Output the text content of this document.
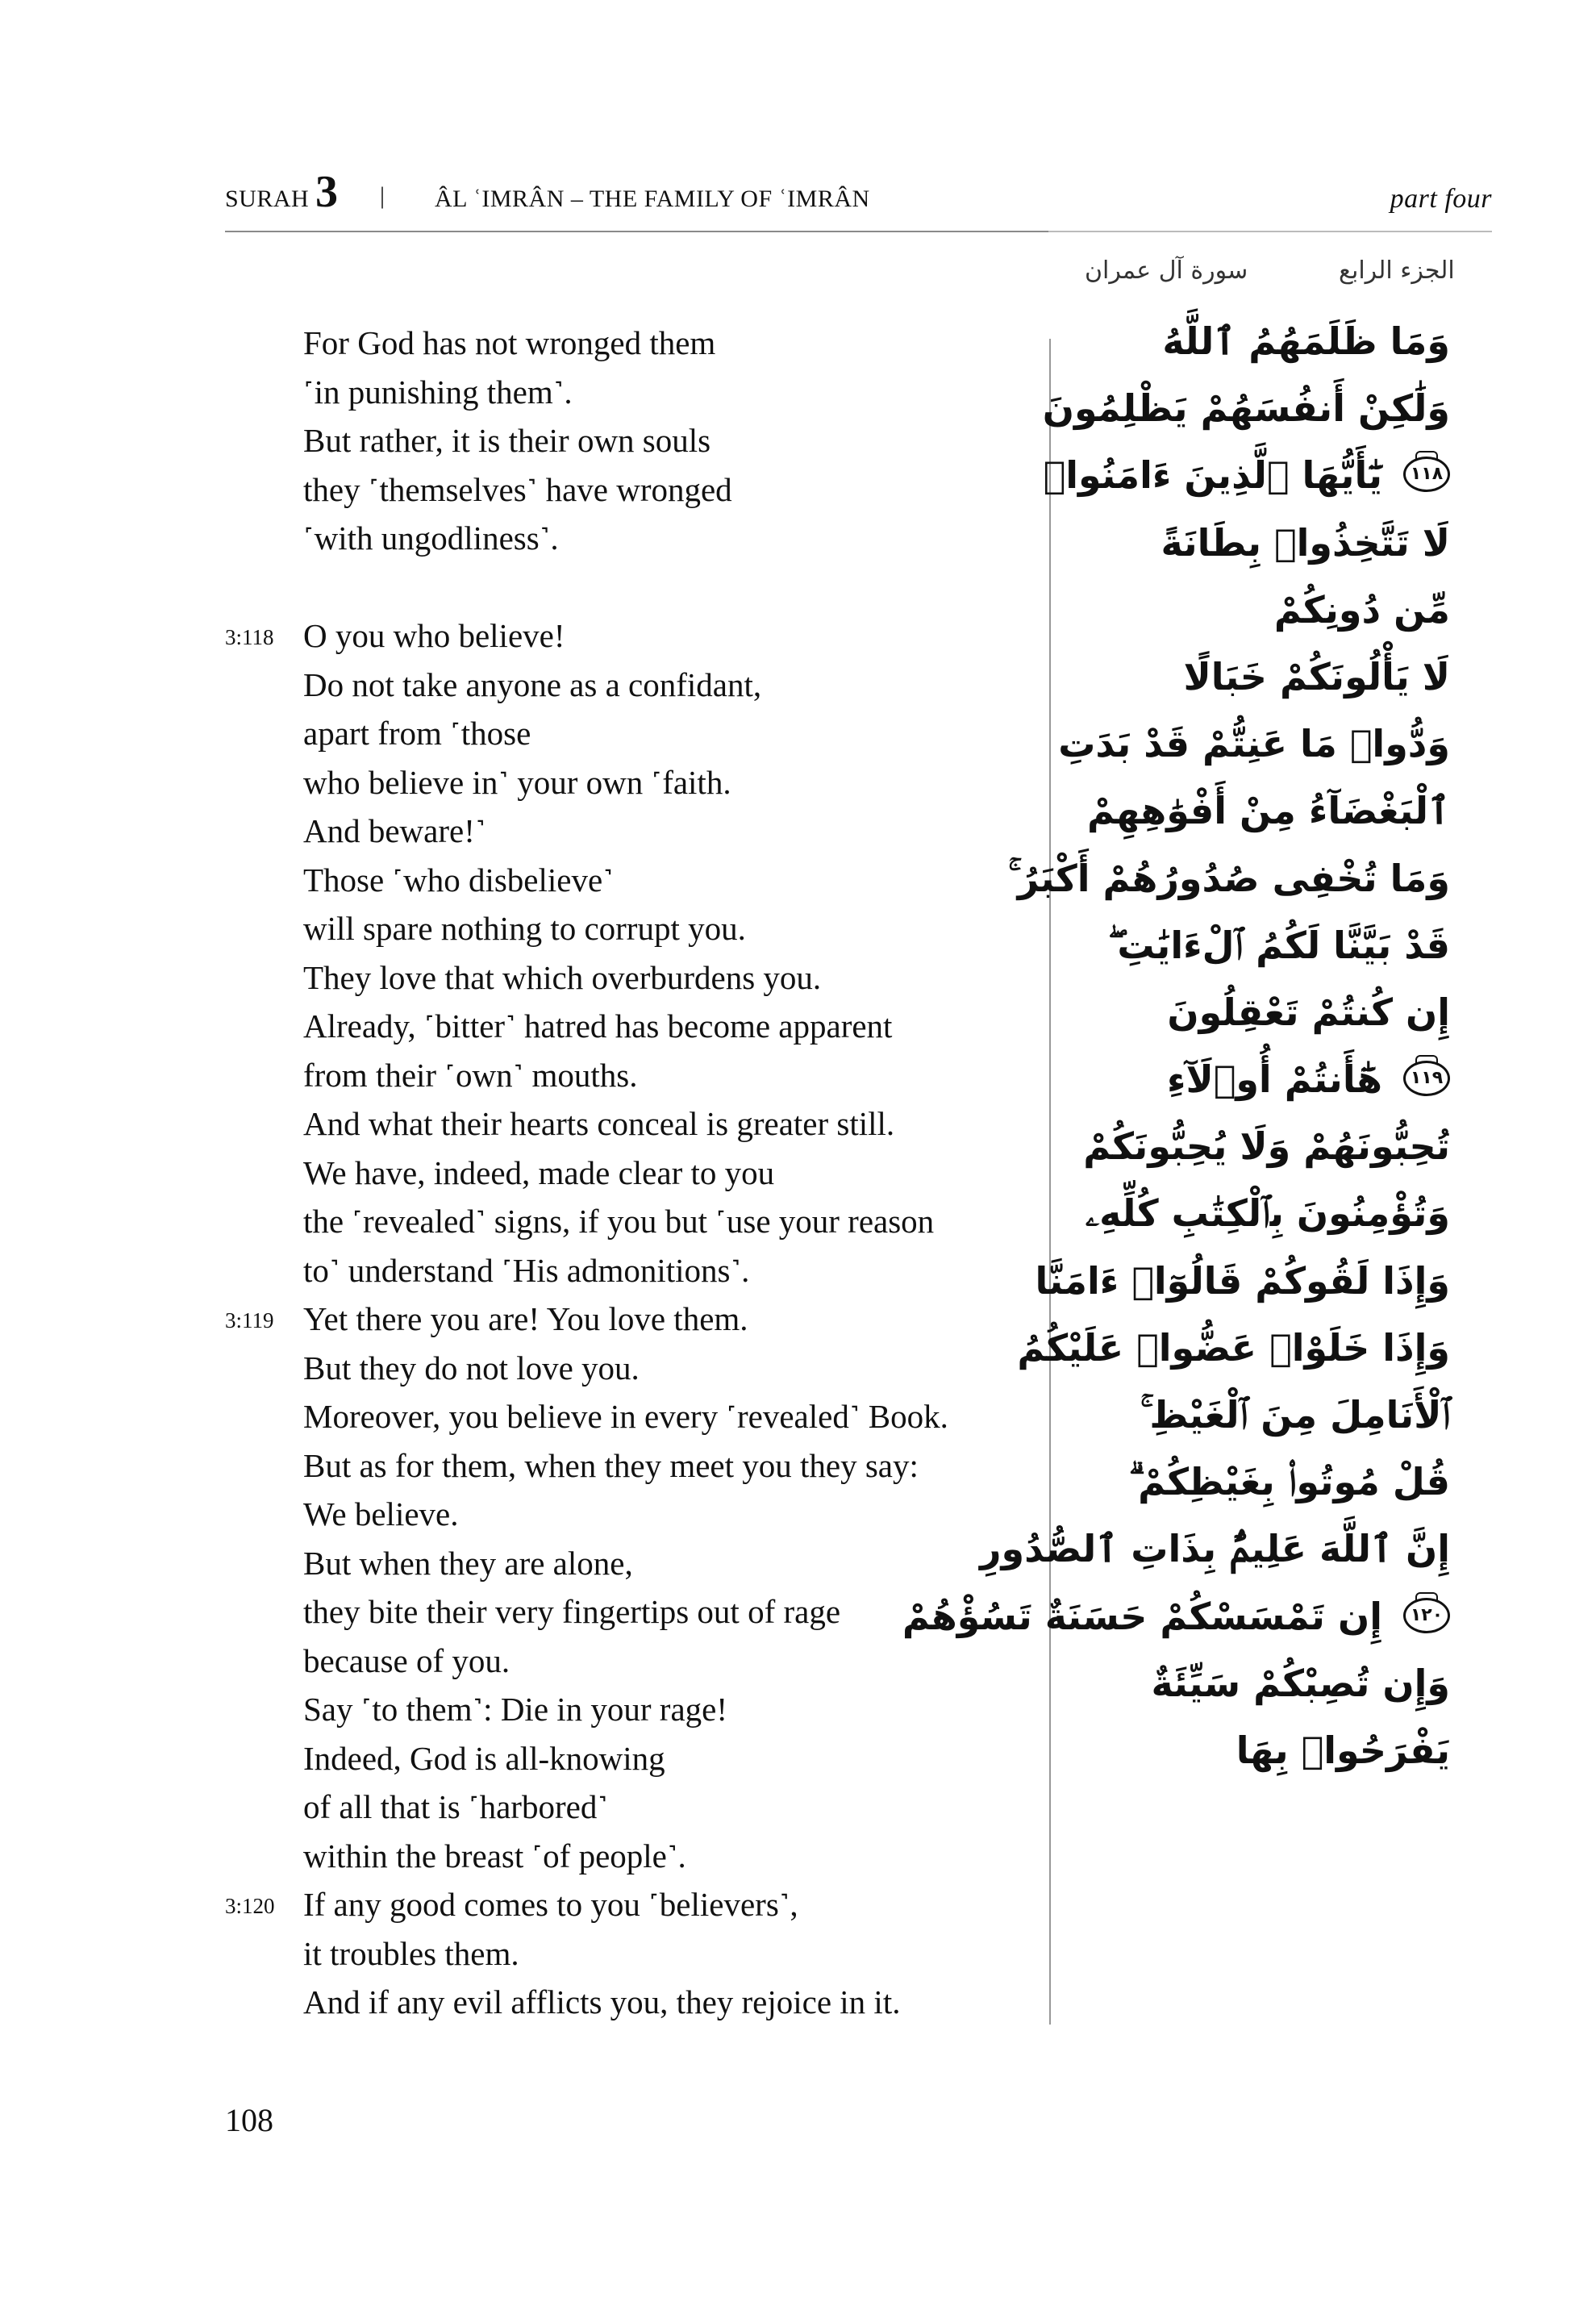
SURAH 3 | ÂL ʿIMRÂN – THE FAMILY OF ʿIMRÂN	part four
سورة آل عمران	الجزء الرابع
For God has not wronged them
˹in punishing them˺.
But rather, it is their own souls
they ˹themselves˺ have wronged
˹with ungodliness˺.
3:118 O you who believe!
Do not take anyone as a confidant,
apart from ˹those
who believe in˺ your own ˹faith.
And beware!˺
Those ˹who disbelieve˺
will spare nothing to corrupt you.
They love that which overburdens you.
Already, ˹bitter˺ hatred has become apparent
from their ˹own˺ mouths.
And what their hearts conceal is greater still.
We have, indeed, made clear to you
the ˹revealed˺ signs, if you but ˹use your reason
to˺ understand ˹His admonitions˺.
3:119 Yet there you are! You love them.
But they do not love you.
Moreover, you believe in every ˹revealed˺ Book.
But as for them, when they meet you they say:
We believe.
But when they are alone,
they bite their very fingertips out of rage
because of you.
Say ˹to them˺: Die in your rage!
Indeed, God is all-knowing
of all that is ˹harbored˺
within the breast ˹of people˺.
3:120 If any good comes to you ˹believers˺,
it troubles them.
And if any evil afflicts you, they rejoice in it.
وَمَا ظَلَمَهُمُ ٱللَّهُ
وَلَٰكِنْ أَنفُسَهُمْ يَظْلِمُونَ
يَٰٓأَيُّهَا ٱلَّذِينَ ءَامَنُوا۟	١١٨
لَا تَتَّخِذُوا۟ بِطَانَةً
مِّن دُونِكُمْ
لَا يَأْلُونَكُمْ خَبَالًا
وَدُّوا۟ مَا عَنِتُّمْ قَدْ بَدَتِ
ٱلْبَغْضَآءُ مِنْ أَفْوَٰهِهِمْ
وَمَا تُخْفِى صُدُورُهُمْ أَكْبَرُ ۚ
قَدْ بَيَّنَّا لَكُمُ ٱلْءَايَٰتِ ۖ
إِن كُنتُمْ تَعْقِلُونَ
هَٰٓأَنتُمْ أُو۟لَآءِ	١١٩
تُحِبُّونَهُمْ وَلَا يُحِبُّونَكُمْ
وَتُؤْمِنُونَ بِٱلْكِتَٰبِ كُلِّهِۦ
وَإِذَا لَقُوكُمْ قَالُوٓا۟ ءَامَنَّا
وَإِذَا خَلَوْا۟ عَضُّوا۟ عَلَيْكُمُ
ٱلْأَنَامِلَ مِنَ ٱلْغَيْظِ ۚ
قُلْ مُوتُوا۟ بِغَيْظِكُمْ ۗ
إِنَّ ٱللَّهَ عَلِيمٌۢ بِذَاتِ ٱلصُّدُورِ
إِن تَمْسَسْكُمْ حَسَنَةٌ تَسُؤْهُمْ	١٢٠
وَإِن تُصِبْكُمْ سَيِّئَةٌ
يَفْرَحُوا۟ بِهَا
108
